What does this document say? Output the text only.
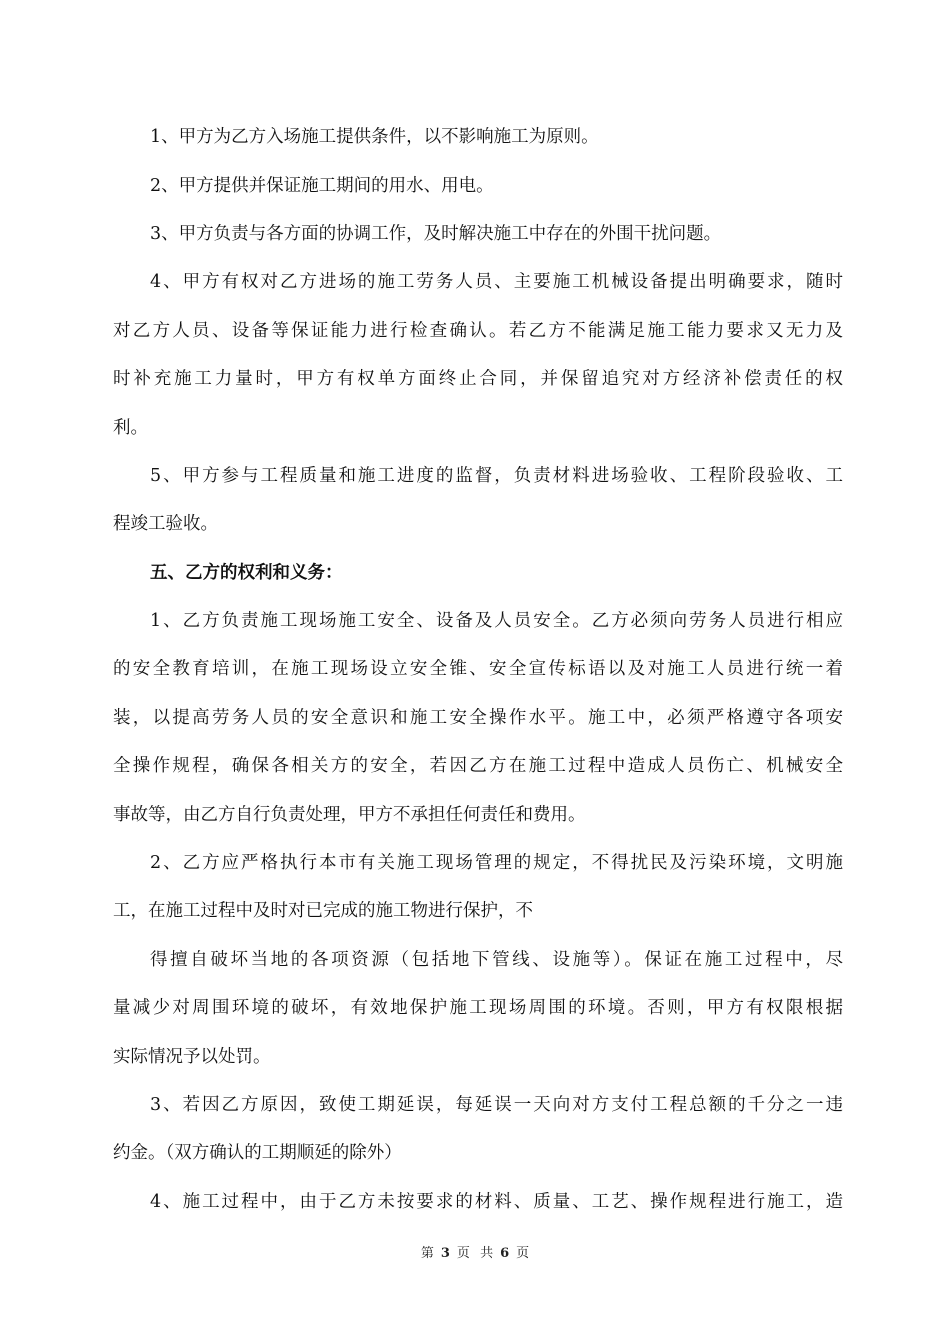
1、甲方为乙方入场施工提供条件，以不影响施工为原则。
2、甲方提供并保证施工期间的用水、用电。
3、甲方负责与各方面的协调工作，及时解决施工中存在的外围干扰问题。
4、甲方有权对乙方进场的施工劳务人员、主要施工机械设备提出明确要求，随时
对乙方人员、设备等保证能力进行检查确认。若乙方不能满足施工能力要求又无力及
时补充施工力量时，甲方有权单方面终止合同，并保留追究对方经济补偿责任的权
利。
5、甲方参与工程质量和施工进度的监督，负责材料进场验收、工程阶段验收、工
程竣工验收。
五、乙方的权利和义务：
1、乙方负责施工现场施工安全、设备及人员安全。乙方必须向劳务人员进行相应
的安全教育培训，在施工现场设立安全锥、安全宣传标语以及对施工人员进行统一着
装，以提高劳务人员的安全意识和施工安全操作水平。施工中，必须严格遵守各项安
全操作规程，确保各相关方的安全，若因乙方在施工过程中造成人员伤亡、机械安全
事故等，由乙方自行负责处理，甲方不承担任何责任和费用。
2、乙方应严格执行本市有关施工现场管理的规定，不得扰民及污染环境，文明施
工，在施工过程中及时对已完成的施工物进行保护，不
得擅自破坏当地的各项资源（包括地下管线、设施等）。保证在施工过程中，尽
量减少对周围环境的破坏，有效地保护施工现场周围的环境。否则，甲方有权限根据
实际情况予以处罚。
3、若因乙方原因，致使工期延误，每延误一天向对方支付工程总额的千分之一违
约金。（双方确认的工期顺延的除外）
4、施工过程中，由于乙方未按要求的材料、质量、工艺、操作规程进行施工，造
第 3 页 共 6 页
